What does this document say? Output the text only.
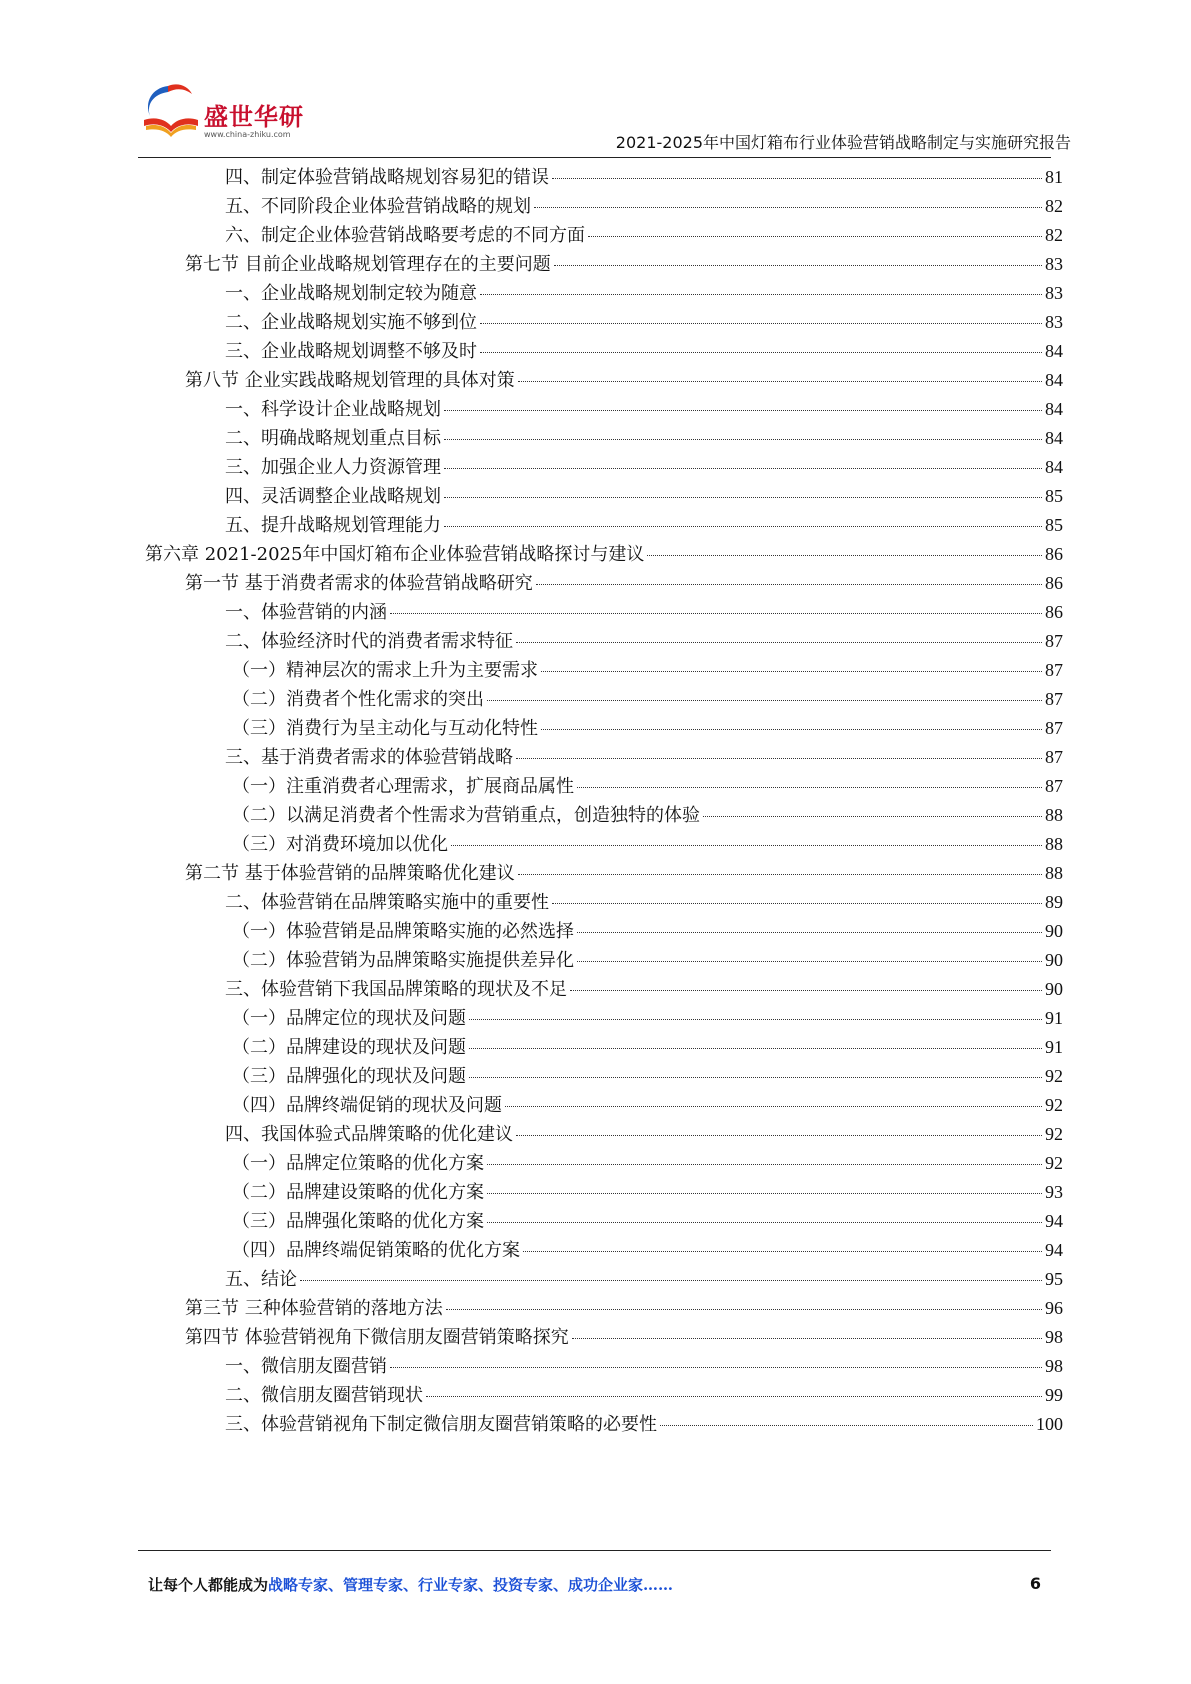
盛世华研
www.china-zhiku.com	2021-2025年中国灯箱布行业体验营销战略制定与实施研究报告
四、制定体验营销战略规划容易犯的错误	81
五、不同阶段企业体验营销战略的规划	82
六、制定企业体验营销战略要考虑的不同方面	82
第七节 目前企业战略规划管理存在的主要问题	83
一、企业战略规划制定较为随意	83
二、企业战略规划实施不够到位	83
三、企业战略规划调整不够及时	84
第八节 企业实践战略规划管理的具体对策	84
一、科学设计企业战略规划	84
二、明确战略规划重点目标	84
三、加强企业人力资源管理	84
四、灵活调整企业战略规划	85
五、提升战略规划管理能力	85
第六章 2021-2025年中国灯箱布企业体验营销战略探讨与建议	86
第一节 基于消费者需求的体验营销战略研究	86
一、体验营销的内涵	86
二、体验经济时代的消费者需求特征	87
（一）精神层次的需求上升为主要需求	87
（二）消费者个性化需求的突出	87
（三）消费行为呈主动化与互动化特性	87
三、基于消费者需求的体验营销战略	87
（一）注重消费者心理需求，扩展商品属性	87
（二）以满足消费者个性需求为营销重点，创造独特的体验	88
（三）对消费环境加以优化	88
第二节 基于体验营销的品牌策略优化建议	88
二、体验营销在品牌策略实施中的重要性	89
（一）体验营销是品牌策略实施的必然选择	90
（二）体验营销为品牌策略实施提供差异化	90
三、体验营销下我国品牌策略的现状及不足	90
（一）品牌定位的现状及问题	91
（二）品牌建设的现状及问题	91
（三）品牌强化的现状及问题	92
（四）品牌终端促销的现状及问题	92
四、我国体验式品牌策略的优化建议	92
（一）品牌定位策略的优化方案	92
（二）品牌建设策略的优化方案	93
（三）品牌强化策略的优化方案	94
（四）品牌终端促销策略的优化方案	94
五、结论	95
第三节 三种体验营销的落地方法	96
第四节 体验营销视角下微信朋友圈营销策略探究	98
一、微信朋友圈营销	98
二、微信朋友圈营销现状	99
三、体验营销视角下制定微信朋友圈营销策略的必要性	100
让每个人都能成为战略专家、管理专家、行业专家、投资专家、成功企业家……	6
